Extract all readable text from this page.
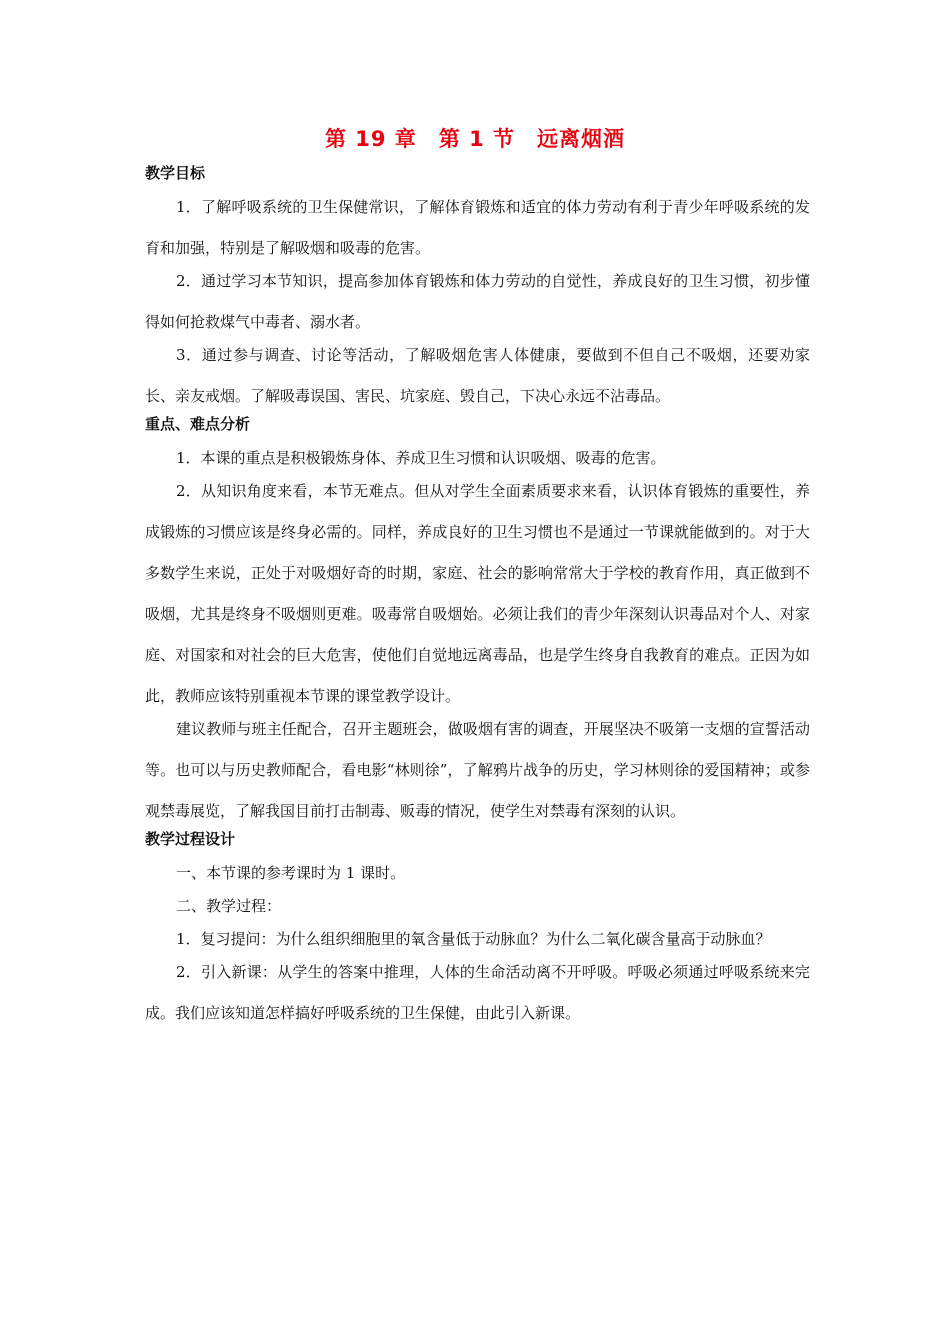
第 19 章　第 1 节　远离烟酒
教学目标

1．了解呼吸系统的卫生保健常识，了解体育锻炼和适宜的体力劳动有利于青少年呼吸系统的发育和加强，特别是了解吸烟和吸毒的危害。

2．通过学习本节知识，提高参加体育锻炼和体力劳动的自觉性，养成良好的卫生习惯，初步懂得如何抢救煤气中毒者、溺水者。

3．通过参与调查、讨论等活动，了解吸烟危害人体健康，要做到不但自己不吸烟，还要劝家长、亲友戒烟。了解吸毒误国、害民、坑家庭、毁自己，下决心永远不沾毒品。

重点、难点分析

1．本课的重点是积极锻炼身体、养成卫生习惯和认识吸烟、吸毒的危害。

2．从知识角度来看，本节无难点。但从对学生全面素质要求来看，认识体育锻炼的重要性，养成锻炼的习惯应该是终身必需的。同样，养成良好的卫生习惯也不是通过一节课就能做到的。对于大多数学生来说，正处于对吸烟好奇的时期，家庭、社会的影响常常大于学校的教育作用，真正做到不吸烟，尤其是终身不吸烟则更难。吸毒常自吸烟始。必须让我们的青少年深刻认识毒品对个人、对家庭、对国家和对社会的巨大危害，使他们自觉地远离毒品，也是学生终身自我教育的难点。正因为如此，教师应该特别重视本节课的课堂教学设计。

建议教师与班主任配合，召开主题班会，做吸烟有害的调查，开展坚决不吸第一支烟的宣誓活动等。也可以与历史教师配合，看电影“林则徐”，了解鸦片战争的历史，学习林则徐的爱国精神；或参观禁毒展览，了解我国目前打击制毒、贩毒的情况，使学生对禁毒有深刻的认识。

教学过程设计

一、本节课的参考课时为 1 课时。

二、教学过程：

1．复习提问：为什么组织细胞里的氧含量低于动脉血？为什么二氧化碳含量高于动脉血？

2．引入新课：从学生的答案中推理，人体的生命活动离不开呼吸。呼吸必须通过呼吸系统来完成。我们应该知道怎样搞好呼吸系统的卫生保健，由此引入新课。
